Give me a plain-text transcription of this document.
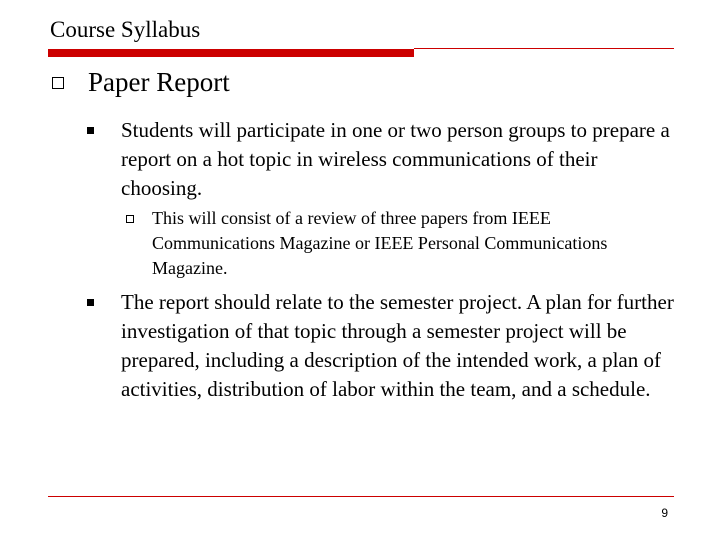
Course Syllabus
Paper Report
Students will participate in one or two person groups to prepare a report on a hot topic in wireless communications of their choosing.
This will consist of a review of three papers from IEEE Communications Magazine or IEEE Personal Communications Magazine.
The report should relate to the semester project. A plan for further investigation of that topic through a semester project will be prepared, including a description of the intended work, a plan of activities, distribution of labor within the team, and a schedule.
9
